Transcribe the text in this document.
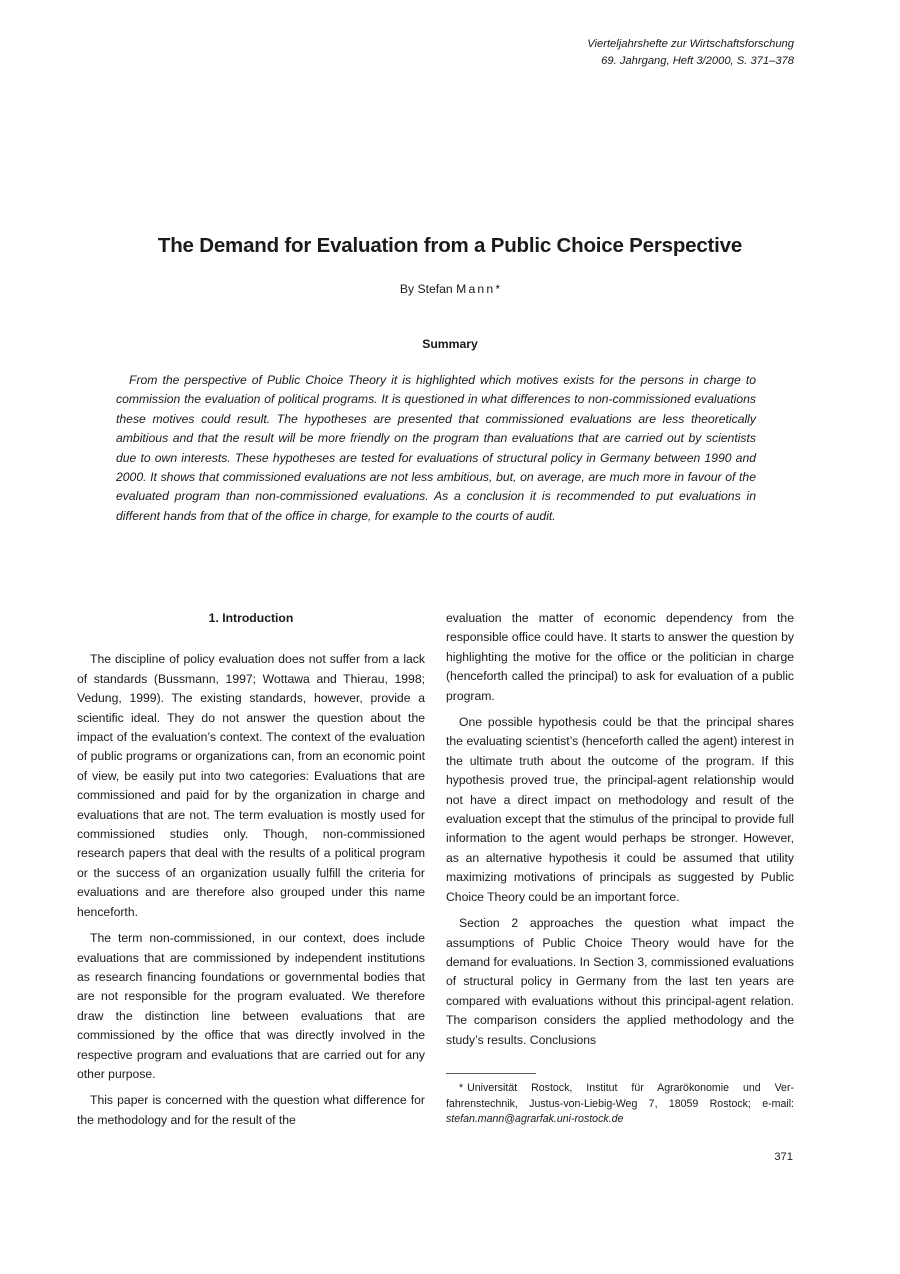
Vierteljahrshefte zur Wirtschaftsforschung
69. Jahrgang, Heft 3/2000, S. 371–378
The Demand for Evaluation from a Public Choice Perspective
By Stefan Mann*
Summary
From the perspective of Public Choice Theory it is highlighted which motives exists for the persons in charge to commission the evaluation of political programs. It is questioned in what differences to non-commissioned evaluations these motives could result. The hypotheses are presented that commissioned evaluations are less theoretically ambitious and that the result will be more friendly on the program than evaluations that are carried out by scientists due to own interests. These hypotheses are tested for evaluations of structural policy in Germany between 1990 and 2000. It shows that commissioned evaluations are not less ambitious, but, on average, are much more in favour of the evaluated program than non-commissioned evaluations. As a conclusion it is recommended to put evaluations in different hands from that of the office in charge, for example to the courts of audit.
1. Introduction

The discipline of policy evaluation does not suffer from a lack of standards (Bussmann, 1997; Wottawa and Thierau, 1998; Vedung, 1999). The existing standards, however, provide a scientific ideal. They do not answer the question about the impact of the evaluation’s context. The context of the evaluation of public programs or organizations can, from an economic point of view, be easily put into two categories: Evaluations that are commissioned and paid for by the organization in charge and evaluations that are not. The term evaluation is mostly used for commissioned studies only. Though, non-commissioned research papers that deal with the results of a political program or the success of an organization usually fulfill the criteria for evaluations and are therefore also grouped under this name henceforth.

The term non-commissioned, in our context, does include evaluations that are commissioned by independent institutions as research financing foundations or governmental bodies that are not responsible for the program evaluated. We therefore draw the distinction line between evaluations that are commissioned by the office that was directly involved in the respective program and evaluations that are carried out for any other purpose.

This paper is concerned with the question what difference for the methodology and for the result of the

evaluation the matter of economic dependency from the responsible office could have. It starts to answer the question by highlighting the motive for the office or the politician in charge (henceforth called the principal) to ask for evaluation of a public program.

One possible hypothesis could be that the principal shares the evaluating scientist’s (henceforth called the agent) interest in the ultimate truth about the outcome of the program. If this hypothesis proved true, the principal-agent relationship would not have a direct impact on methodology and result of the evaluation except that the stimulus of the principal to provide full information to the agent would perhaps be stronger. However, as an alternative hypothesis it could be assumed that utility maximizing motivations of principals as suggested by Public Choice Theory could be an important force.

Section 2 approaches the question what impact the assumptions of Public Choice Theory would have for the demand for evaluations. In Section 3, commissioned evaluations of structural policy in Germany from the last ten years are compared with evaluations without this principal-agent relation. The comparison considers the applied methodology and the study’s results. Conclusions

* Universität Rostock, Institut für Agrarökonomie und Verfahrenstechnik, Justus-von-Liebig-Weg 7, 18059 Rostock; e-mail: stefan.mann@agrarfak.uni-rostock.de
371
